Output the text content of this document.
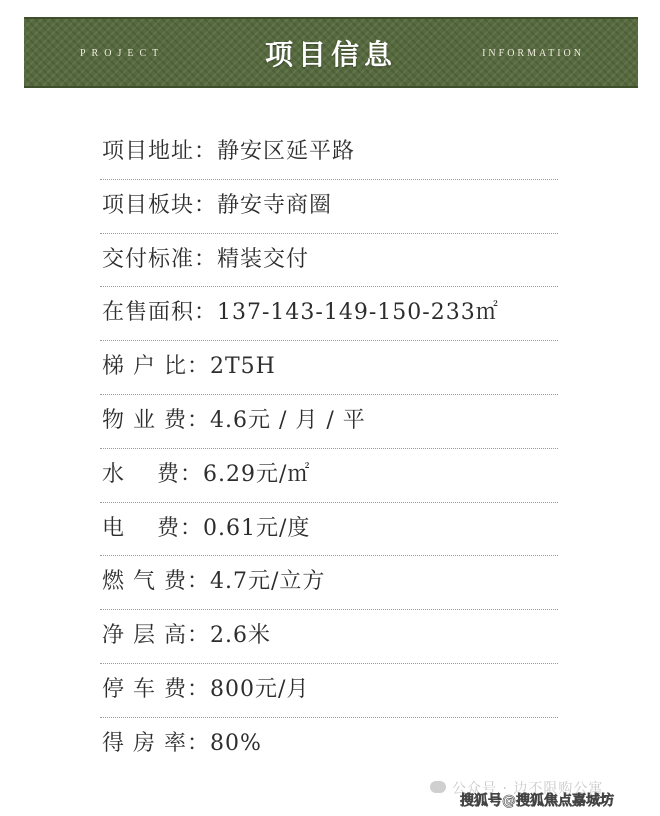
PROJECT	项目信息	INFORMATION
项目地址：静安区延平路
项目板块：静安寺商圈
交付标准：精装交付
在售面积：137-143-149-150-233㎡
梯 户 比：2T5H
物 业 费：4.6元 / 月 / 平
水    费：6.29元/㎡
电    费：0.61元/度
燃 气 费：4.7元/立方
净 层 高：2.6米
停 车 费：800元/月
得 房 率：80%
公众号 · 边不限购公寓
搜狐号@搜狐焦点嘉城坊
